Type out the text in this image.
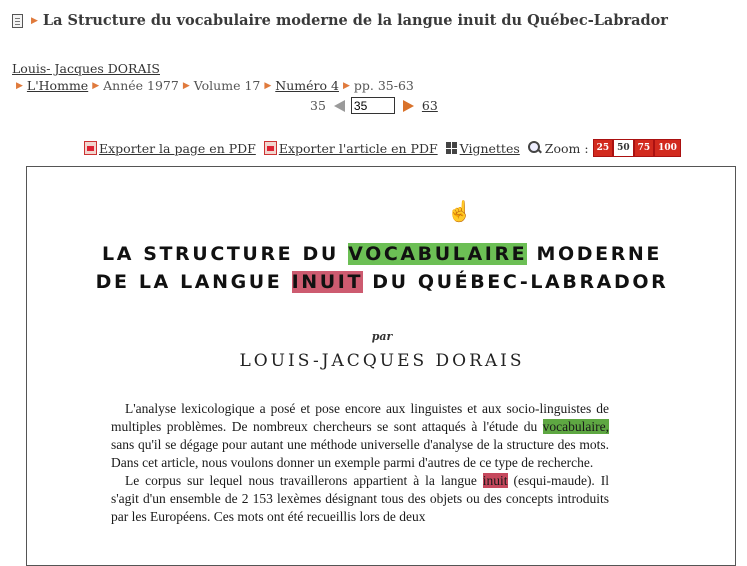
▶ La Structure du vocabulaire moderne de la langue inuit du Québec-Labrador
Louis- Jacques DORAIS
▶ L'Homme ▶ Année 1977 ▶ Volume 17 ▶ Numéro 4 ▶ pp. 35-63
35
35	63
Exporter la page en PDF Exporter l'article en PDF Vignettes Zoom : 25 50 75 100
LA STRUCTURE DU VOCABULAIRE MODERNE
DE LA LANGUE INUIT DU QUÉBEC-LABRADOR
par
LOUIS-JACQUES DORAIS

L'analyse lexicologique a posé et pose encore aux linguistes et aux socio-linguistes de multiples problèmes. De nombreux chercheurs se sont attaqués à l'étude du vocabulaire, sans qu'il se dégage pour autant une méthode universelle d'analyse de la structure des mots. Dans cet article, nous voulons donner un exemple parmi d'autres de ce type de recherche.

Le corpus sur lequel nous travaillerons appartient à la langue inuit (esqui-maude). Il s'agit d'un ensemble de 2 153 lexèmes désignant tous des objets ou des concepts introduits par les Européens. Ces mots ont été recueillis lors de deux

☝
